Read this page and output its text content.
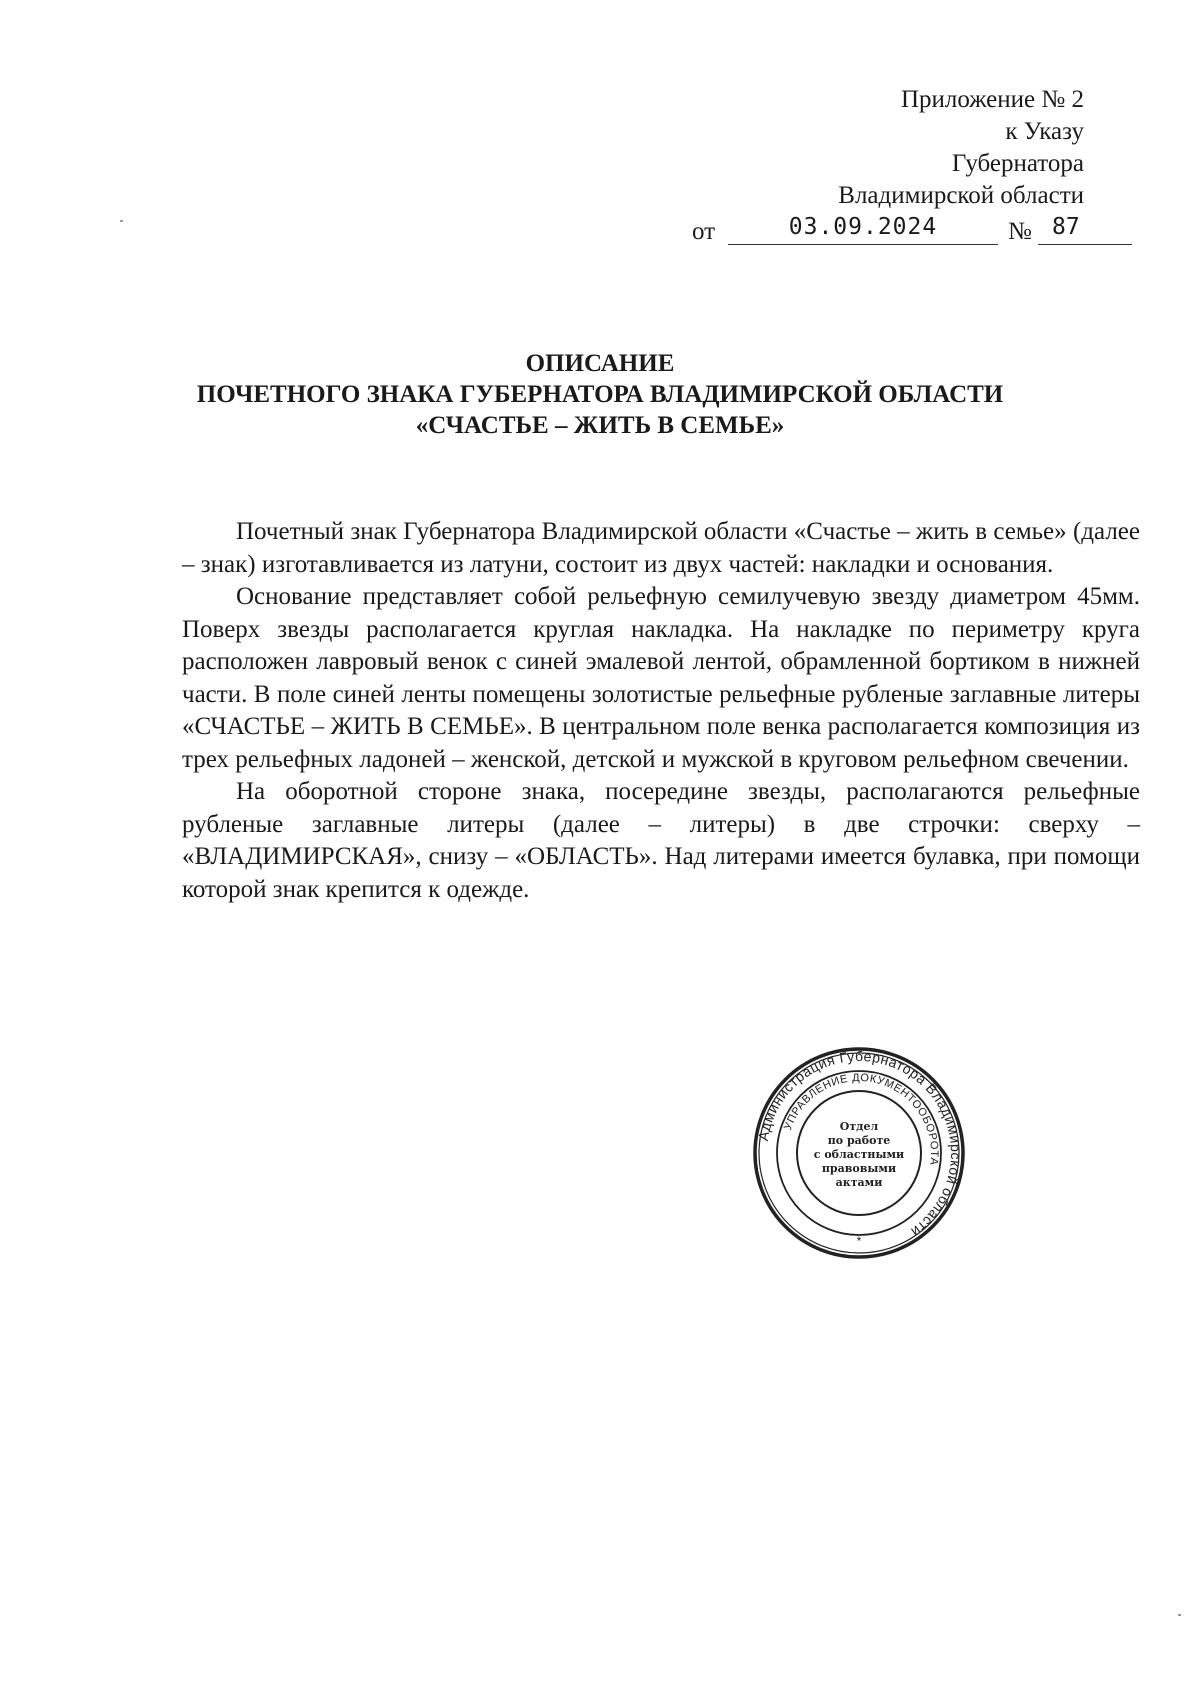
Приложение № 2
к Указу
Губернатора
Владимирской области
от	03.09.2024	№ 87
ОПИСАНИЕ
ПОЧЕТНОГО ЗНАКА ГУБЕРНАТОРА ВЛАДИМИРСКОЙ ОБЛАСТИ
«СЧАСТЬЕ – ЖИТЬ В СЕМЬЕ»

Почетный знак Губернатора Владимирской области «Счастье – жить в семье» (далее – знак) изготавливается из латуни, состоит из двух частей: накладки и основания.

Основание представляет собой рельефную семилучевую звезду диаметром 45мм. Поверх звезды располагается круглая накладка. На накладке по периметру круга расположен лавровый венок с синей эмалевой лентой, обрамленной бортиком в нижней части. В поле синей ленты помещены золотистые рельефные рубленые заглавные литеры «СЧАСТЬЕ – ЖИТЬ В СЕМЬЕ». В центральном поле венка располагается композиция из трех рельефных ладоней – женской, детской и мужской в круговом рельефном свечении.

На оборотной стороне знака, посередине звезды, располагаются рельефные рубленые заглавные литеры (далее – литеры) в две строчки: сверху – «ВЛАДИМИРСКАЯ», снизу – «ОБЛАСТЬ». Над литерами имеется булавка, при помощи которой знак крепится к одежде.

Администрация Губернатора Владимирской области
УПРАВЛЕНИЕ ДОКУМЕНТООБОРОТА
Отдел
по работе
с областными
правовыми
актами
*
